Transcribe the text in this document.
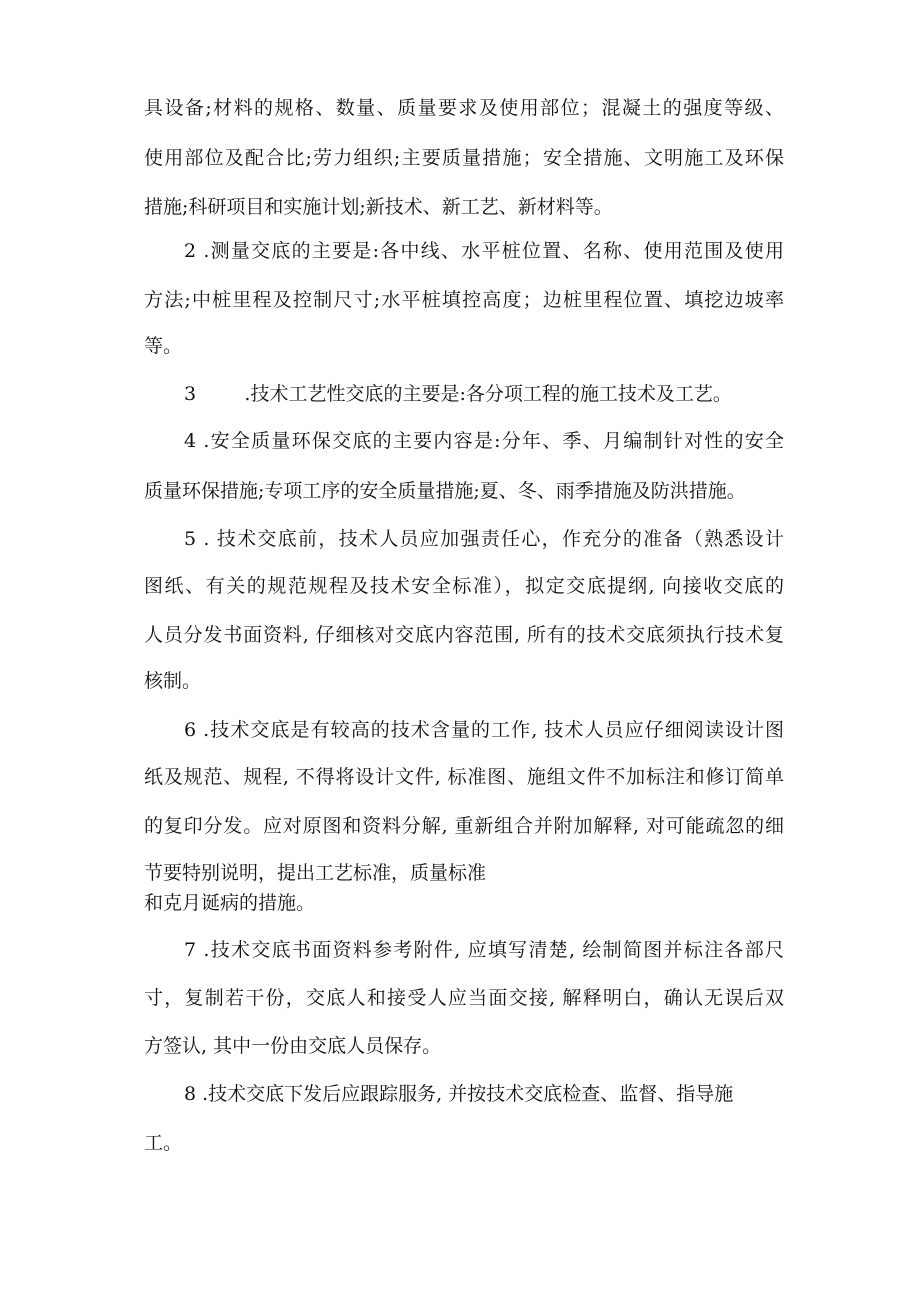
具设备;材料的规格、数量、质量要求及使用部位；混凝土的强度等级、
使用部位及配合比;劳力组织;主要质量措施；安全措施、文明施工及环保
措施;科研项目和实施计划;新技术、新工艺、新材料等。
2 .测量交底的主要是:各中线、水平桩位置、名称、使用范围及使用
方法;中桩里程及控制尺寸;水平桩填控高度；边桩里程位置、填挖边坡率
等。
3        .技术工艺性交底的主要是:各分项工程的施工技术及工艺。
4 .安全质量环保交底的主要内容是:分年、季、月编制针对性的安全
质量环保措施;专项工序的安全质量措施;夏、冬、雨季措施及防洪措施。
5 . 技术交底前，技术人员应加强责任心，作充分的准备（熟悉设计
图纸、有关的规范规程及技术安全标准），拟定交底提纲, 向接收交底的
人员分发书面资料, 仔细核对交底内容范围, 所有的技术交底须执行技术复
核制。
6 .技术交底是有较高的技术含量的工作, 技术人员应仔细阅读设计图
纸及规范、规程, 不得将设计文件, 标准图、施组文件不加标注和修订简单
的复印分发。应对原图和资料分解, 重新组合并附加解释, 对可能疏忽的细
节要特别说明，提出工艺标准，质量标准
和克月诞病的措施。
7 .技术交底书面资料参考附件, 应填写清楚, 绘制简图并标注各部尺
寸，复制若干份，交底人和接受人应当面交接, 解释明白，确认无误后双
方签认, 其中一份由交底人员保存。
8 .技术交底下发后应跟踪服务, 并按技术交底检查、监督、指导施
工。
